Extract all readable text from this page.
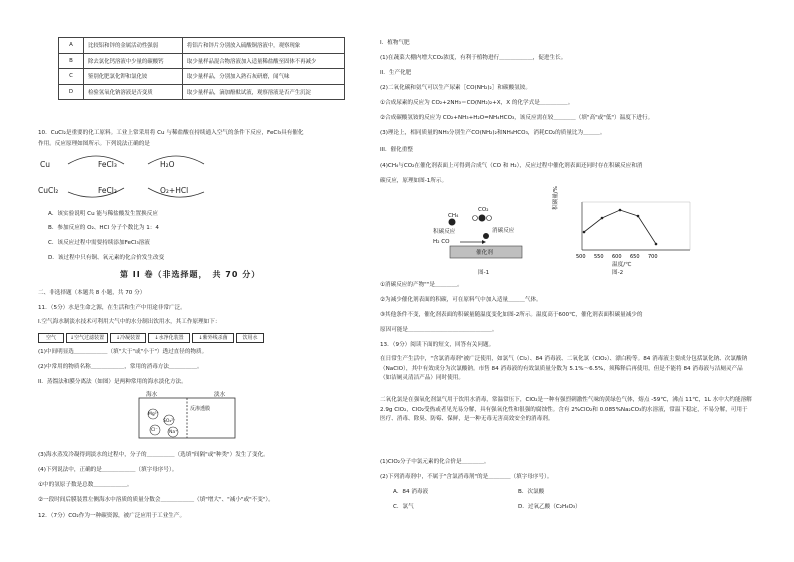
A	比较铝和锌的金属活动性强弱	将铝片和锌片分别放入硫酸铜溶液中，观察现象
B	除去氯化钙溶液中少量的碳酸钙	取少量样品混合物溶液加入适量稀盐酸至固体不再减少
C	鉴别化肥氯化钾和氯化铵	取少量样品，分别加入熟石灰研磨，闻气味
D	检验氢氧化钠溶液是否变质	取少量样品，滴加酚酞试液，观察溶液是否产生沉淀
10．CuCl₂是重要的化工原料。工业上常采用将 Cu 与稀盐酸在持续通入空气的条件下反应，FeCl₃具有催化
作用。反应原理如图所示。下列说法正确的是
Cu	FeCl₃	H₂O
CuCl₂	FeCl₂	O₂+HCl
A．该实验说明 Cu 能与稀盐酸发生置换反应
B．参加反应的 O₂、HCl 分子个数比为 1：4
C．该反应过程中需要持续添加FeCl₃溶液
D．该过程中只有铜、氧元素的化合价发生改变
第 II 卷（非选择题，　共 70 分）
二、非选择题（本题共 8 小题，共 70 分）
11．（5分）水是生命之源，在生活和生产中用途非常广泛。
I.空气海水制淡水技术可利用大气中的水分制出饮用水，其工作原理如下：
空气	↓空气过滤装置	↓冷凝装置	↓水净化装置	↓紫外线杀菌	饮用水
(1)中间明显选＿＿＿＿＿＿（填"大于"或"小于"）透过直径的物质。
(2)中常用的物质名称＿＿＿＿＿＿，常用的消毒方法＿＿＿＿＿。
II．蒸馏法和膜分离法（如图）是两种常用的海水淡化方法。
海水	淡水
反渗透膜
Mg²⁺
SO₄²⁻
Cl⁻ Na⁺
(3)海水蒸发冷凝得到淡水的过程中，分子的＿＿＿＿＿（选填"间隔"或"种类"）发生了变化。
(4)下列说法中，正确的是＿＿＿＿＿＿（填字母序号）。
①中的氢原子数是总数＿＿＿＿＿＿。
②一段时间后膜装置左侧海水中溶质的质量分数会＿＿＿＿＿＿（填"增大"、"减小"或"不变"）。
12．（7分）CO₂作为一种碳资源，被广泛应用于工业生产。
I．植物气肥
(1)在蔬菜大棚内增大CO₂浓度，有利于植物进行＿＿＿＿＿＿，促进生长。
II．生产化肥
(2)二氧化碳和氨气可以生产尿素［CO(NH₂)₂］和碳酸氢铵。
①合成尿素的反应为 CO₂+2NH₃＝CO(NH₂)₂+X，X 的化学式是＿＿＿＿＿。
②合成碳酸氢铵的反应为 CO₂+NH₃+H₂O=NH₄HCO₃，该反应需在较＿＿＿＿（填"高"或"低"）温度下进行。
(3)理论上，相同质量的NH₃分别生产CO(NH₂)₂和NH₄HCO₃，消耗CO₂的质量比为＿＿＿。
III．催化重整
(4)CH₄与CO₂在催化剂表面上可得到合成气（CO 和 H₂），反应过程中催化剂表面还同时存在积碳反应和消
碳反应，原理如图-1所示。
CH₄
CO₂
积碳反应	消碳反应
H₂ CO
催化剂
图-1
500 550 600 650 700
积碳量/%
温度/℃
图-2
①消碳反应的产物""是＿＿＿＿。
②为减少催化剂表面的积碳，可在原料气中加入适量＿＿＿气体。
③其他条件不变，催化剂表面的积碳量随温度变化如图-2所示。温度高于600℃，催化剂表面积碳量减少的
原因可能是＿＿＿＿＿＿＿＿＿＿＿＿＿＿＿。
13．（9分）阅读下面的短文，回答有关问题。
在日常生产生活中，"含氯消毒剂"被广泛使用，如氯气（Cl₂）、84 消毒液、二氧化氯（ClO₂）、漂白粉等。84 消毒液主要成分包括氯化钠、次氯酸钠（NaClO），其中有效成分为次氯酸钠。市售 84 消毒液的有效氯质量分数为 5.1%～6.5%，须稀释后再使用，但是不能将 84 消毒液与洁厕灵产品（如洁厕灵清洁产品）同时使用。
二氧化氯是在强氧化剂氯气用于饮用水消毒，常温常压下，ClO₂是一种有强烈刺激性气味的黄绿色气体，熔点 -59℃，沸点 11℃，1L 水中大约能溶解 2.9g ClO₂，ClO₂受热或者见光易分解，具有强氧化性和很强的腐蚀性。含有 2%ClO₂和 0.085%Na₂CO₃的水溶液，常温下稳定，不易分解，可用于医疗、消毒、除臭、防霉、保鲜，是一种无毒无害高效安全的消毒剂。
(1)ClO₂分子中氯元素的化合价是＿＿＿＿。
(2)下列消毒剂中，不属于"含氯消毒剂"的是＿＿＿＿（填字母序号）。
A．84 消毒液	B．次氯酸
C．氯气	D．过氧乙酸（C₂H₄O₃）
